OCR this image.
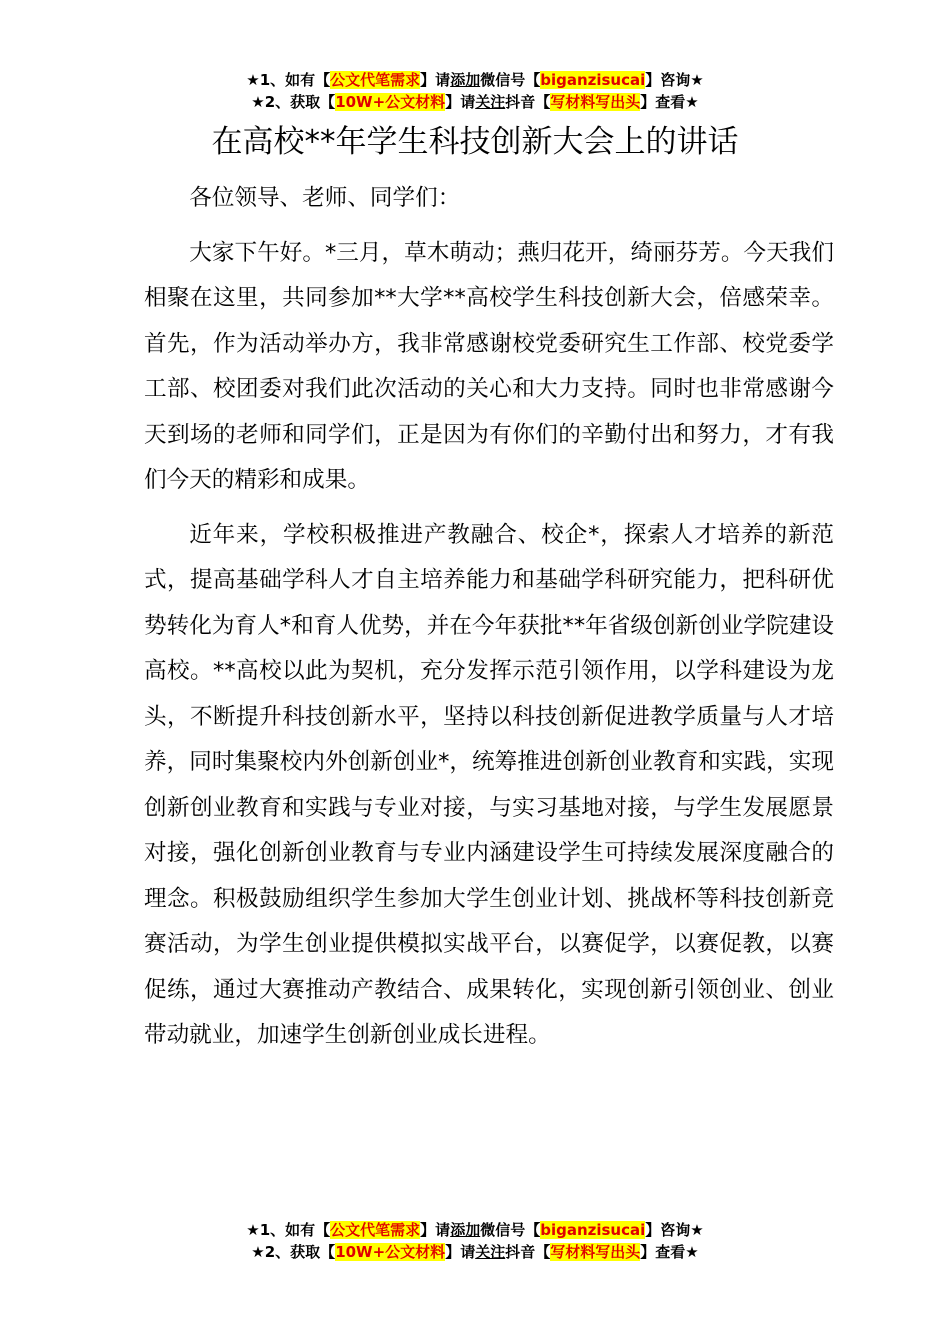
★1、如有【公文代笔需求】请添加微信号【biganzisucai】咨询★
★2、获取【10W+公文材料】请关注抖音【写材料写出头】查看★
在高校**年学生科技创新大会上的讲话

各位领导、老师、同学们：

大家下午好。*三月，草木萌动；燕归花开，绮丽芬芳。今天我们相聚在这里，共同参加**大学**高校学生科技创新大会，倍感荣幸。首先，作为活动举办方，我非常感谢校党委研究生工作部、校党委学工部、校团委对我们此次活动的关心和大力支持。同时也非常感谢今天到场的老师和同学们，正是因为有你们的辛勤付出和努力，才有我们今天的精彩和成果。

近年来，学校积极推进产教融合、校企*，探索人才培养的新范式，提高基础学科人才自主培养能力和基础学科研究能力，把科研优势转化为育人*和育人优势，并在今年获批**年省级创新创业学院建设高校。**高校以此为契机，充分发挥示范引领作用，以学科建设为龙头，不断提升科技创新水平，坚持以科技创新促进教学质量与人才培养，同时集聚校内外创新创业*，统筹推进创新创业教育和实践，实现创新创业教育和实践与专业对接，与实习基地对接，与学生发展愿景对接，强化创新创业教育与专业内涵建设学生可持续发展深度融合的理念。积极鼓励组织学生参加大学生创业计划、挑战杯等科技创新竞赛活动，为学生创业提供模拟实战平台，以赛促学，以赛促教，以赛促练，通过大赛推动产教结合、成果转化，实现创新引领创业、创业带动就业，加速学生创新创业成长进程。

★1、如有【公文代笔需求】请添加微信号【biganzisucai】咨询★
★2、获取【10W+公文材料】请关注抖音【写材料写出头】查看★
